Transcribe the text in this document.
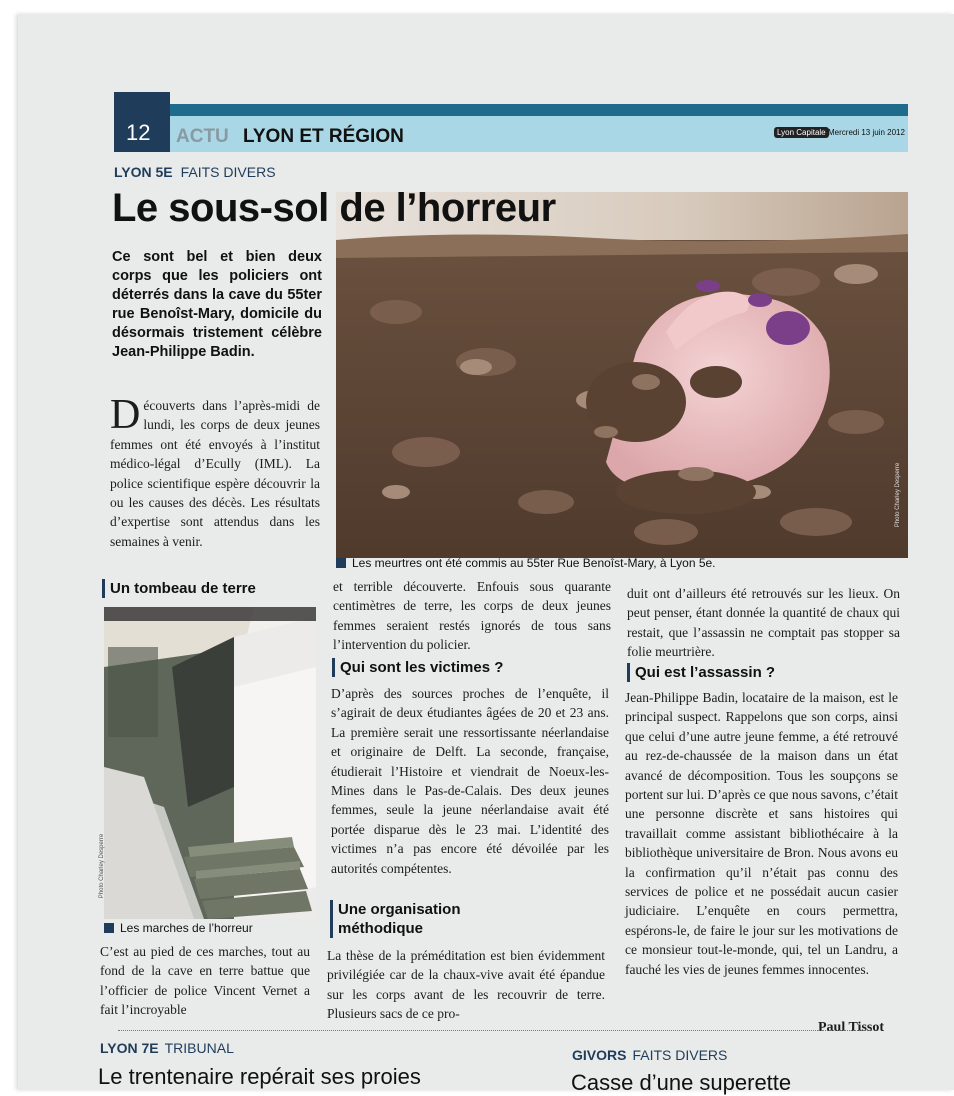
12 ACTU LYON ET RÉGION	Lyon Capitale Mercredi 13 juin 2012
LYON 5E FAITS DIVERS
Photo Charley Desperre
Le sous-sol de l’horreur
Ce sont bel et bien deux corps que les policiers ont déterrés dans la cave du 55ter rue Benoîst-Mary, domicile du désormais tristement célèbre Jean-Philippe Badin.
Découverts dans l’après-midi de lundi, les corps de deux jeunes femmes ont été envoyés à l’institut médico-légal d’Ecully (IML). La police scientifique espère découvrir la ou les causes des décès. Les résultats d’expertise sont attendus dans les semaines à venir.
Les meurtres ont été commis au 55ter Rue Benoîst-Mary, à Lyon 5e.
Un tombeau de terre
Photo Charley Desperre
Les marches de l’horreur
C’est au pied de ces marches, tout au fond de la cave en terre battue que l’officier de police Vincent Vernet a fait l’incroyable
et terrible découverte. Enfouis sous quarante centimètres de terre, les corps de deux jeunes femmes seraient restés ignorés de tous sans l’intervention du policier.
Qui sont les victimes ?
D’après des sources proches de l’enquête, il s’agirait de deux étudiantes âgées de 20 et 23 ans. La première serait une ressortissante néerlandaise et originaire de Delft. La seconde, française, étudierait l’Histoire et viendrait de Noeux-les-Mines dans le Pas-de-Calais. Des deux jeunes femmes, seule la jeune néerlandaise avait été portée disparue dès le 23 mai. L’identité des victimes n’a pas encore été dévoilée par les autorités compétentes.
Une organisation méthodique
La thèse de la préméditation est bien évidemment privilégiée car de la chaux-vive avait été épandue sur les corps avant de les recouvrir de terre. Plusieurs sacs de ce pro-
duit ont d’ailleurs été retrouvés sur les lieux. On peut penser, étant donnée la quantité de chaux qui restait, que l’assassin ne comptait pas stopper sa folie meurtrière.
Qui est l’assassin ?
Jean-Philippe Badin, locataire de la maison, est le principal suspect. Rappelons que son corps, ainsi que celui d’une autre jeune femme, a été retrouvé au rez-de-chaussée de la maison dans un état avancé de décomposition. Tous les soupçons se portent sur lui. D’après ce que nous savons, c’était une personne discrète et sans histoires qui travaillait comme assistant bibliothécaire à la bibliothèque universitaire de Bron. Nous avons eu la confirmation qu’il n’était pas connu des services de police et ne possédait aucun casier judiciaire. L’enquête en cours permettra, espérons-le, de faire le jour sur les motivations de ce monsieur tout-le-monde, qui, tel un Landru, a fauché les vies de jeunes femmes innocentes.
Paul Tissot
LYON 7E TRIBUNAL
Le trentenaire repérait ses proies
GIVORS FAITS DIVERS
Casse d’une superette
